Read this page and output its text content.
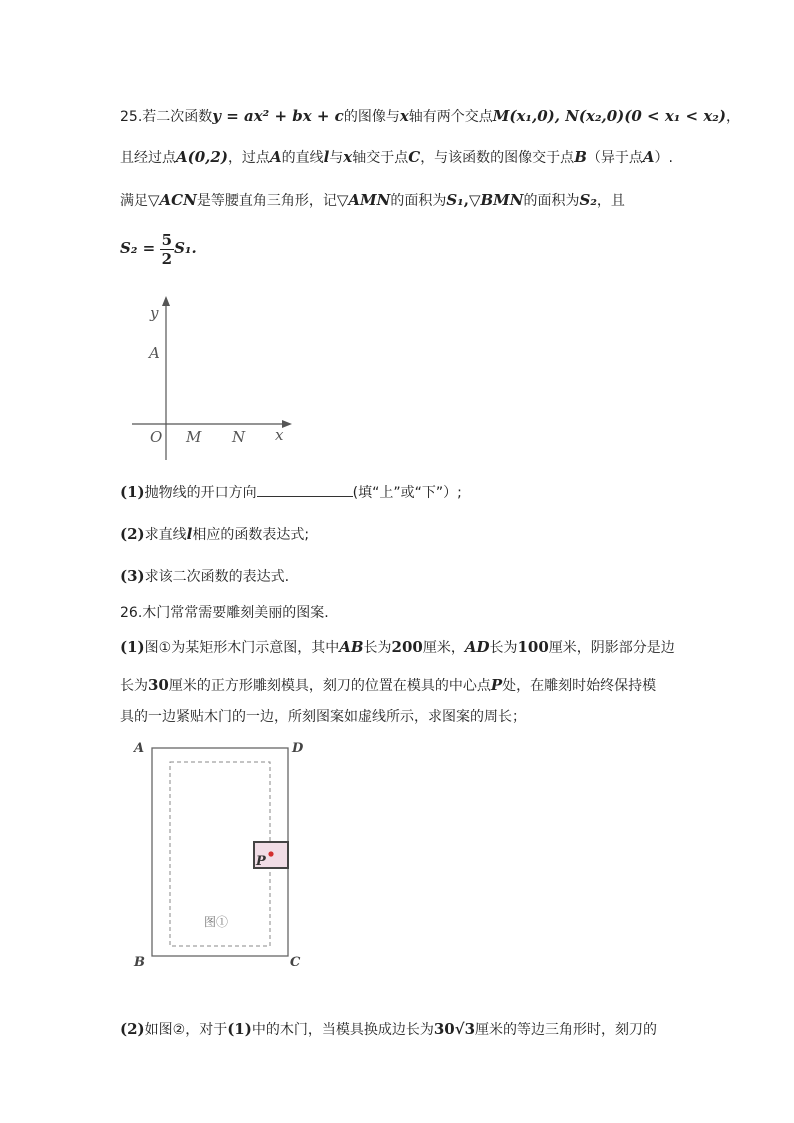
25.若二次函数y = ax² + bx + c的图像与x轴有两个交点M(x₁,0), N(x₂,0)(0 < x₁ < x₂)，
且经过点A(0,2)，过点A的直线l与x轴交于点C，与该函数的图像交于点B（异于点A）.
满足▽ACN是等腰直角三角形，记▽AMN的面积为S₁,▽BMN的面积为S₂，且
$S_2 = \frac{5}{2} S_1$.
y
A
O M N x
(1)抛物线的开口方向	(填“上”或“下”）;
(2)求直线l相应的函数表达式;
(3)求该二次函数的表达式.
26.木门常常需要雕刻美丽的图案.
(1)图①为某矩形木门示意图，其中AB长为200厘米，AD长为100厘米，阴影部分是边
长为30厘米的正方形雕刻模具，刻刀的位置在模具的中心点P处，在雕刻时始终保持模
具的一边紧贴木门的一边，所刻图案如虚线所示，求图案的周长；
A	D
B	C
P
图①
(2)如图②，对于(1)中的木门，当模具换成边长为30√3厘米的等边三角形时，刻刀的
